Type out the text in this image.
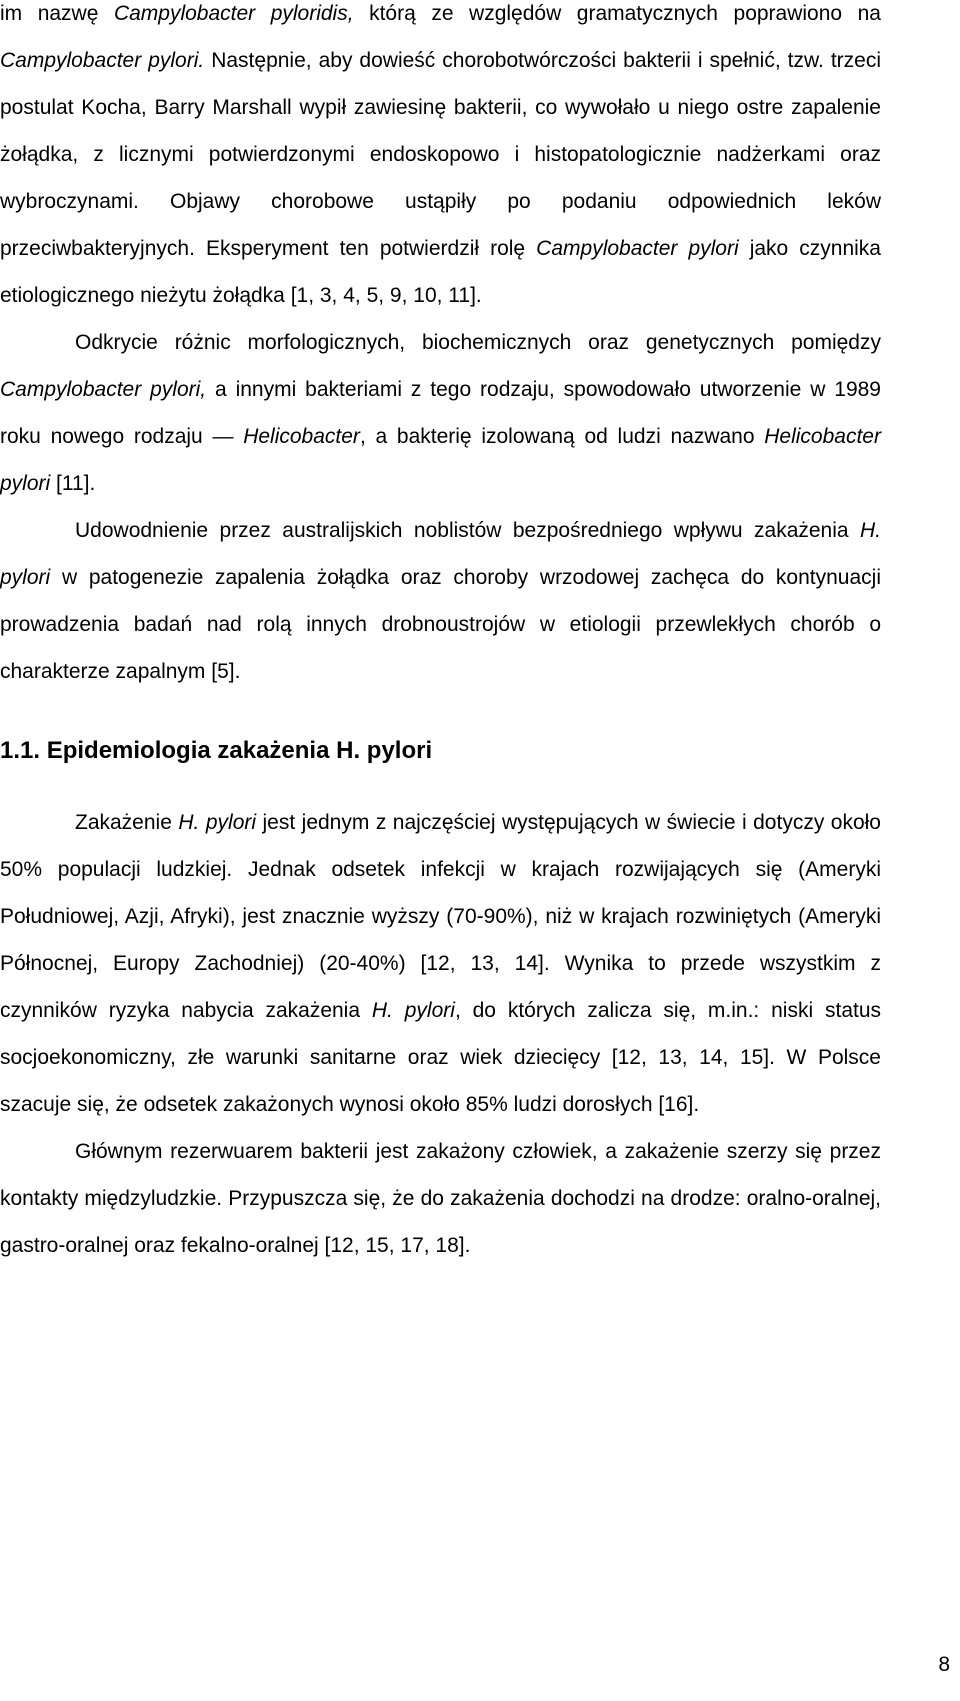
im nazwę Campylobacter pyloridis, którą ze względów gramatycznych poprawiono na Campylobacter pylori. Następnie, aby dowieść chorobotwórczości bakterii i spełnić, tzw. trzeci postulat Kocha, Barry Marshall wypił zawiesinę bakterii, co wywołało u niego ostre zapalenie żołądka, z licznymi potwierdzonymi endoskopowo i histopatologicznie nadżerkami oraz wybroczynami. Objawy chorobowe ustąpiły po podaniu odpowiednich leków przeciwbakteryjnych. Eksperyment ten potwierdził rolę Campylobacter pylori jako czynnika etiologicznego nieżytu żołądka [1, 3, 4, 5, 9, 10, 11].

Odkrycie różnic morfologicznych, biochemicznych oraz genetycznych pomiędzy Campylobacter pylori, a innymi bakteriami z tego rodzaju, spowodowało utworzenie w 1989 roku nowego rodzaju — Helicobacter, a bakterię izolowaną od ludzi nazwano Helicobacter pylori [11].

Udowodnienie przez australijskich noblistów bezpośredniego wpływu zakażenia H. pylori w patogenezie zapalenia żołądka oraz choroby wrzodowej zachęca do kontynuacji prowadzenia badań nad rolą innych drobnoustrojów w etiologii przewlekłych chorób o charakterze zapalnym [5].

1.1. Epidemiologia zakażenia H. pylori

Zakażenie H. pylori jest jednym z najczęściej występujących w świecie i dotyczy około 50% populacji ludzkiej. Jednak odsetek infekcji w krajach rozwijających się (Ameryki Południowej, Azji, Afryki), jest znacznie wyższy (70-90%), niż w krajach rozwiniętych (Ameryki Północnej, Europy Zachodniej) (20-40%) [12, 13, 14]. Wynika to przede wszystkim z czynników ryzyka nabycia zakażenia H. pylori, do których zalicza się, m.in.: niski status socjoekonomiczny, złe warunki sanitarne oraz wiek dziecięcy [12, 13, 14, 15]. W Polsce szacuje się, że odsetek zakażonych wynosi około 85% ludzi dorosłych [16].

Głównym rezerwuarem bakterii jest zakażony człowiek, a zakażenie szerzy się przez kontakty międzyludzkie. Przypuszcza się, że do zakażenia dochodzi na drodze: oralno-oralnej, gastro-oralnej oraz fekalno-oralnej [12, 15, 17, 18].

8
